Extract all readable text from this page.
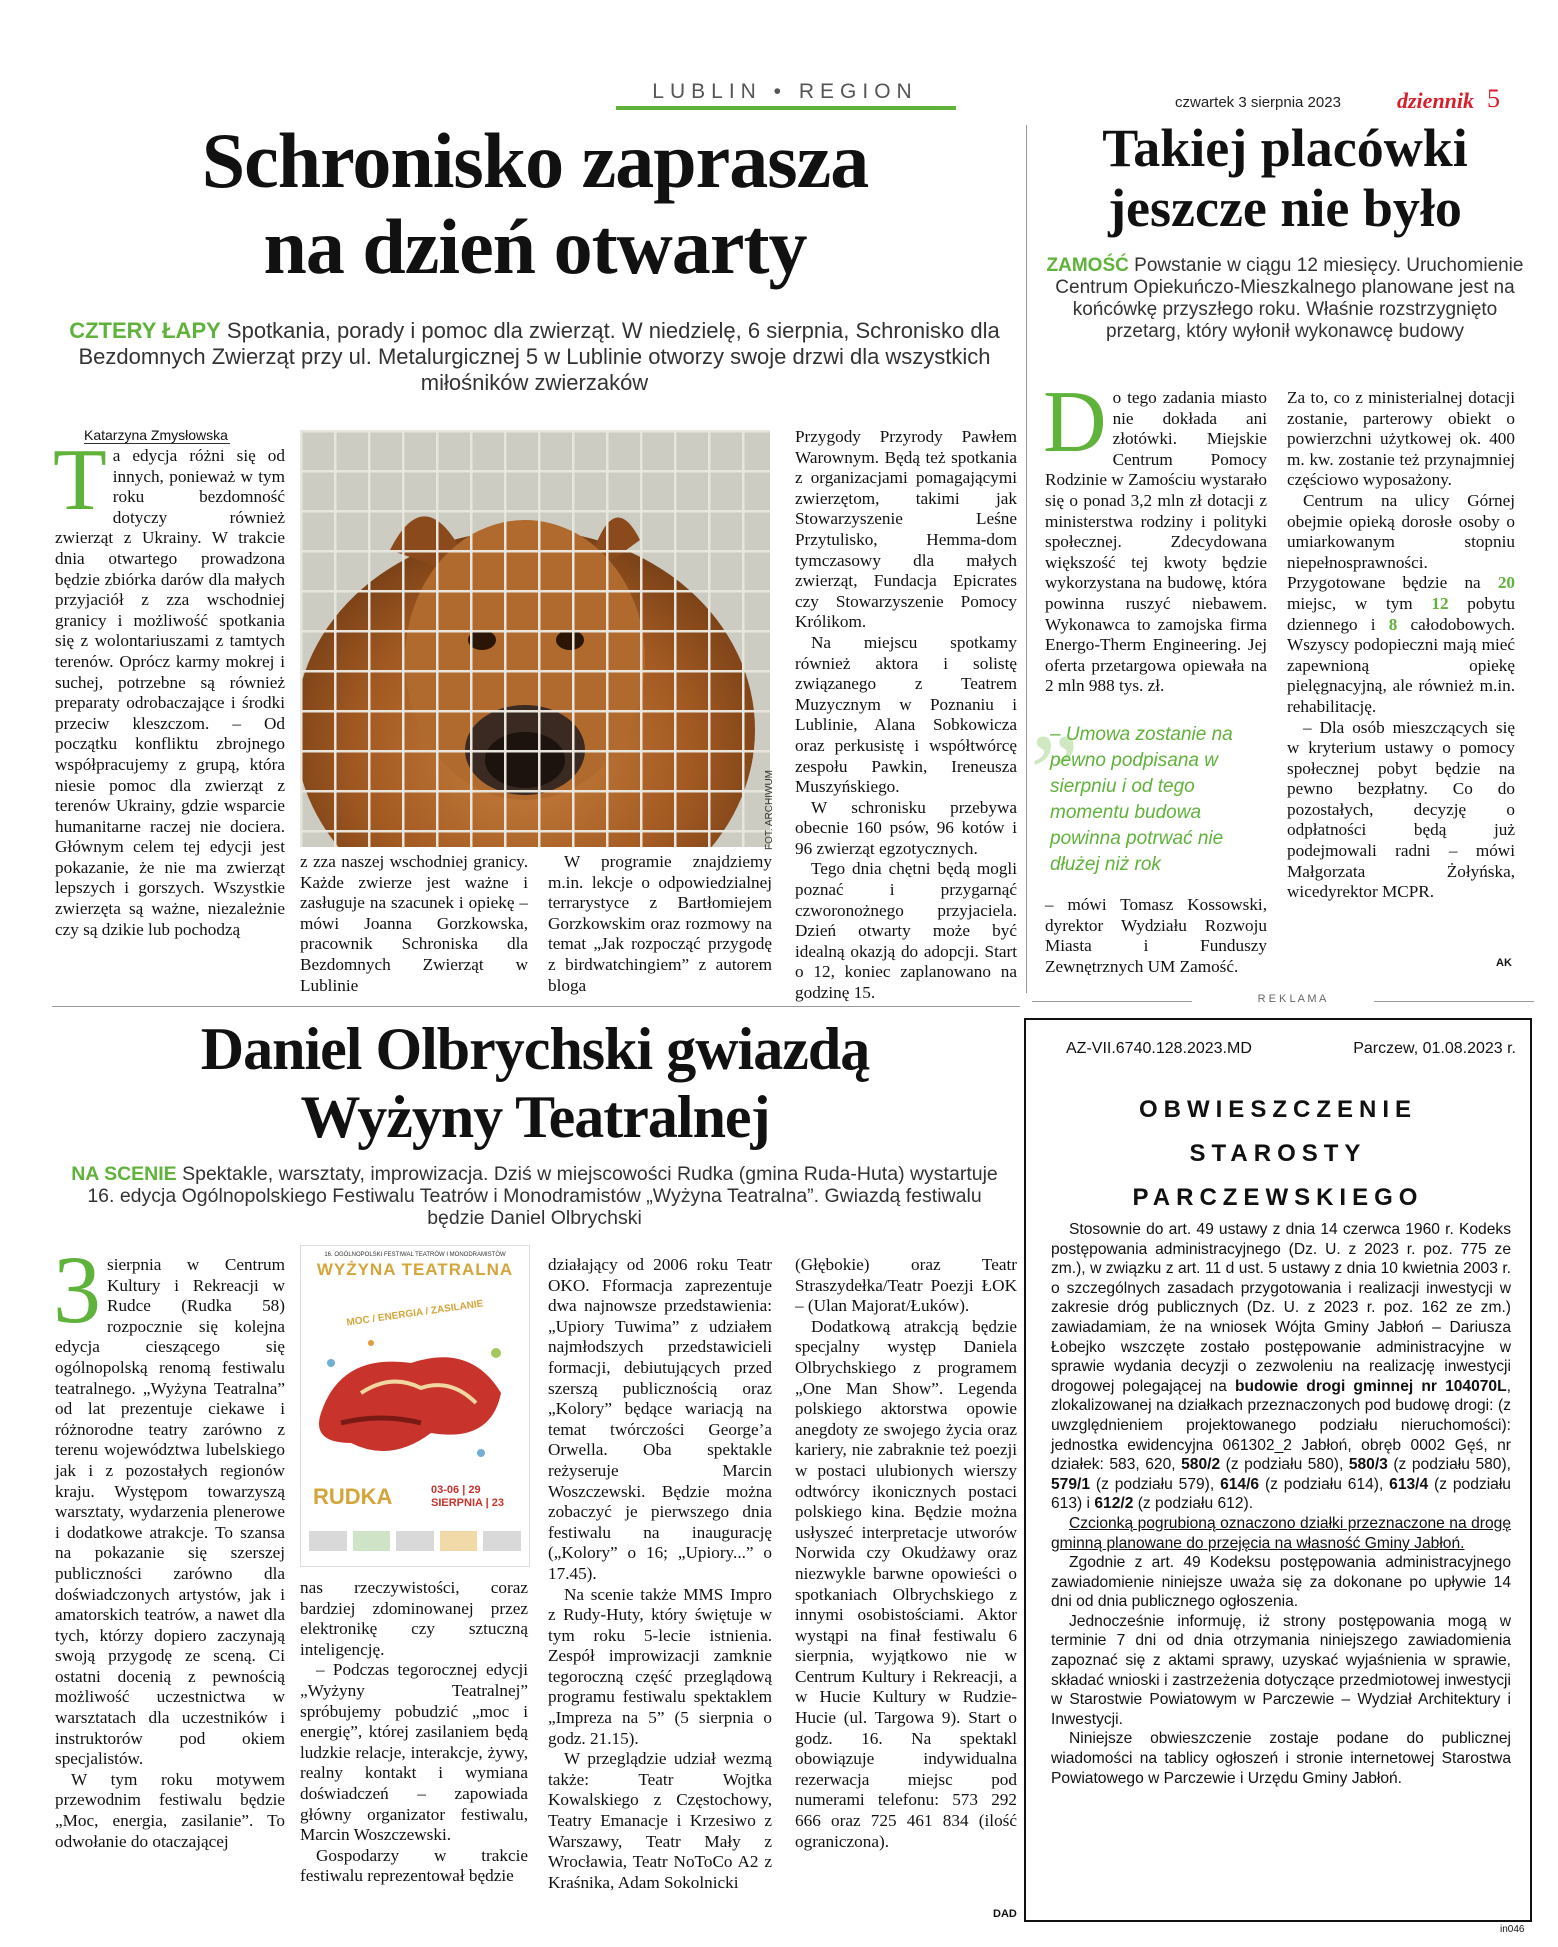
LUBLIN • REGION	czwartek 3 sierpnia 2023	dziennik 5
Schronisko zaprasza
na dzień otwarty
CZTERY ŁAPY Spotkania, porady i pomoc dla zwierząt. W niedzielę, 6 sierpnia, Schronisko dla Bezdomnych Zwierząt przy ul. Metalurgicznej 5 w Lublinie otworzy swoje drzwi dla wszystkich miłośników zwierzaków
Katarzyna Zmysłowska

Ta edycja różni się od innych, ponieważ w tym roku bezdomność dotyczy również zwierząt z Ukrainy. W trakcie dnia otwartego prowadzona będzie zbiórka darów dla małych przyjaciół z zza wschodniej granicy i możliwość spotkania się z wolontariuszami z tamtych terenów. Oprócz karmy mokrej i suchej, potrzebne są również preparaty odrobaczające i środki przeciw kleszczom. – Od początku konfliktu zbrojnego współpracujemy z grupą, która niesie pomoc dla zwierząt z terenów Ukrainy, gdzie wsparcie humanitarne raczej nie dociera. Głównym celem tej edycji jest pokazanie, że nie ma zwierząt lepszych i gorszych. Wszystkie zwierzęta są ważne, niezależnie czy są dzikie lub pochodzą

FOT. ARCHIWUM

z zza naszej wschodniej granicy. Każde zwierze jest ważne i zasługuje na szacunek i opiekę – mówi Joanna Gorzkowska, pracownik Schroniska dla Bezdomnych Zwierząt w Lublinie

W programie znajdziemy m.in. lekcje o odpowiedzialnej terrarystyce z Bartłomiejem Gorzkowskim oraz rozmowy na temat „Jak rozpocząć przygodę z birdwatchingiem” z autorem bloga

Przygody Przyrody Pawłem Warownym. Będą też spotkania z organizacjami pomagającymi zwierzętom, takimi jak Stowarzyszenie Leśne Przytulisko, Hemma-dom tymczasowy dla małych zwierząt, Fundacja Epicrates czy Stowarzyszenie Pomocy Królikom.

Na miejscu spotkamy również aktora i solistę związanego z Teatrem Muzycznym w Poznaniu i Lublinie, Alana Sobkowicza oraz perkusistę i współtwórcę zespołu Pawkin, Ireneusza Muszyńskiego.

W schronisku przebywa obecnie 160 psów, 96 kotów i 96 zwierząt egzotycznych.

Tego dnia chętni będą mogli poznać i przygarnąć czworonożnego przyjaciela. Dzień otwarty może być idealną okazją do adopcji. Start o 12, koniec zaplanowano na godzinę 15.

Takiej placówki
jeszcze nie było
ZAMOŚĆ Powstanie w ciągu 12 miesięcy. Uruchomienie Centrum Opiekuńczo-Mieszkalnego planowane jest na końcówkę przyszłego roku. Właśnie rozstrzygnięto przetarg, który wyłonił wykonawcę budowy

Do tego zadania miasto nie dokłada ani złotówki. Miejskie Centrum Pomocy Rodzinie w Zamościu wystarało się o ponad 3,2 mln zł dotacji z ministerstwa rodziny i polityki społecznej. Zdecydowana większość tej kwoty będzie wykorzystana na budowę, która powinna ruszyć niebawem. Wykonawca to zamojska firma Energo-Therm Engineering. Jej oferta przetargowa opiewała na 2 mln 988 tys. zł.

”
– Umowa zostanie na pewno podpisana w sierpniu i od tego momentu budowa powinna potrwać nie dłużej niż rok

– mówi Tomasz Kossowski, dyrektor Wydziału Rozwoju Miasta i Funduszy Zewnętrznych UM Zamość.

Za to, co z ministerialnej dotacji zostanie, parterowy obiekt o powierzchni użytkowej ok. 400 m. kw. zostanie też przynajmniej częściowo wyposażony.

Centrum na ulicy Górnej obejmie opieką dorosłe osoby o umiarkowanym stopniu niepełnosprawności. Przygotowane będzie na 20 miejsc, w tym 12 pobytu dziennego i 8 całodobowych. Wszyscy podopieczni mają mieć zapewnioną opiekę pielęgnacyjną, ale również m.in. rehabilitację.

– Dla osób mieszczących się w kryterium ustawy o pomocy społecznej pobyt będzie na pewno bezpłatny. Co do pozostałych, decyzję o odpłatności będą już podejmowali radni – mówi Małgorzata Żołyńska, wicedyrektor MCPR.

AK
Daniel Olbrychski gwiazdą
Wyżyny Teatralnej
NA SCENIE Spektakle, warsztaty, improwizacja. Dziś w miejscowości Rudka (gmina Ruda-Huta) wystartuje 16. edycja Ogólnopolskiego Festiwalu Teatrów i Monodramistów „Wyżyna Teatralna”. Gwiazdą festiwalu będzie Daniel Olbrychski

3 sierpnia w Centrum Kultury i Rekreacji w Rudce (Rudka 58) rozpocznie się kolejna edycja cieszącego się ogólnopolską renomą festiwalu teatralnego. „Wyżyna Teatralna” od lat prezentuje ciekawe i różnorodne teatry zarówno z terenu województwa lubelskiego jak i z pozostałych regionów kraju. Występom towarzyszą warsztaty, wydarzenia plenerowe i dodatkowe atrakcje. To szansa na pokazanie się szerszej publiczności zarówno dla doświadczonych artystów, jak i amatorskich teatrów, a nawet dla tych, którzy dopiero zaczynają swoją przygodę ze sceną. Ci ostatni docenią z pewnością możliwość uczestnictwa w warsztatach dla uczestników i instruktorów pod okiem specjalistów.

W tym roku motywem przewodnim festiwalu będzie „Moc, energia, zasilanie”. To odwołanie do otaczającej

16. OGÓLNOPOLSKI FESTIWAL TEATRÓW I MONODRAMISTÓW
WYŻYNA TEATRALNA
MOC / ENERGIA / ZASILANIE
RUDKA	03-06 | 29 SIERPNIA | 23

nas rzeczywistości, coraz bardziej zdominowanej przez elektronikę czy sztuczną inteligencję.

– Podczas tegorocznej edycji „Wyżyny Teatralnej” spróbujemy pobudzić „moc i energię”, której zasilaniem będą ludzkie relacje, interakcje, żywy, realny kontakt i wymiana doświadczeń – zapowiada główny organizator festiwalu, Marcin Woszczewski.

Gospodarzy w trakcie festiwalu reprezentował będzie

działający od 2006 roku Teatr OKO. Fformacja zaprezentuje dwa najnowsze przedstawienia: „Upiory Tuwima” z udziałem najmłodszych przedstawicieli formacji, debiutujących przed szerszą publicznością oraz „Kolory” będące wariacją na temat twórczości George’a Orwella. Oba spektakle reżyseruje Marcin Woszczewski. Będzie można zobaczyć je pierwszego dnia festiwalu na inaugurację („Kolory” o 16; „Upiory...” o 17.45).

Na scenie także MMS Impro z Rudy-Huty, który świętuje w tym roku 5-lecie istnienia. Zespół improwizacji zamknie tegoroczną część przeglądową programu festiwalu spektaklem „Impreza na 5” (5 sierpnia o godz. 21.15).

W przeglądzie udział wezmą także: Teatr Wojtka Kowalskiego z Częstochowy, Teatry Emanacje i Krzesiwo z Warszawy, Teatr Mały z Wrocławia, Teatr NoToCo A2 z Kraśnika, Adam Sokolnicki

(Głębokie) oraz Teatr Straszydełka/Teatr Poezji ŁOK – (Ulan Majorat/Łuków).

Dodatkową atrakcją będzie specjalny występ Daniela Olbrychskiego z programem „One Man Show”. Legenda polskiego aktorstwa opowie anegdoty ze swojego życia oraz kariery, nie zabraknie też poezji w postaci ulubionych wierszy odtwórcy ikonicznych postaci polskiego kina. Będzie można usłyszeć interpretacje utworów Norwida czy Okudżawy oraz niezwykle barwne opowieści o spotkaniach Olbrychskiego z innymi osobistościami. Aktor wystąpi na finał festiwalu 6 sierpnia, wyjątkowo nie w Centrum Kultury i Rekreacji, a w Hucie Kultury w Rudzie-Hucie (ul. Targowa 9). Start o godz. 16. Na spektakl obowiązuje indywidualna rezerwacja miejsc pod numerami telefonu: 573 292 666 oraz 725 461 834 (ilość ograniczona).

DAD
R E K L A M A
AZ-VII.6740.128.2023.MD	Parczew, 01.08.2023 r.
OBWIESZCZENIE
STAROSTY
PARCZEWSKIEGO

Stosownie do art. 49 ustawy z dnia 14 czerwca 1960 r. Kodeks postępowania administracyjnego (Dz. U. z 2023 r. poz. 775 ze zm.), w związku z art. 11 d ust. 5 ustawy z dnia 10 kwietnia 2003 r. o szczególnych zasadach przygotowania i realizacji inwestycji w zakresie dróg publicznych (Dz. U. z 2023 r. poz. 162 ze zm.) zawiadamiam, że na wniosek Wójta Gminy Jabłoń – Dariusza Łobejko wszczęte zostało postępowanie administracyjne w sprawie wydania decyzji o zezwoleniu na realizację inwestycji drogowej polegającej na budowie drogi gminnej nr 104070L, zlokalizowanej na działkach przeznaczonych pod budowę drogi: (z uwzględnieniem projektowanego podziału nieruchomości): jednostka ewidencyjna 061302_2 Jabłoń, obręb 0002 Gęś, nr działek: 583, 620, 580/2 (z podziału 580), 580/3 (z podziału 580), 579/1 (z podziału 579), 614/6 (z podziału 614), 613/4 (z podziału 613) i 612/2 (z podziału 612).

Czcionką pogrubioną oznaczono działki przeznaczone na drogę gminną planowane do przejęcia na własność Gminy Jabłoń.

Zgodnie z art. 49 Kodeksu postępowania administracyjnego zawiadomienie niniejsze uważa się za dokonane po upływie 14 dni od dnia publicznego ogłoszenia.

Jednocześnie informuję, iż strony postępowania mogą w terminie 7 dni od dnia otrzymania niniejszego zawiadomienia zapoznać się z aktami sprawy, uzyskać wyjaśnienia w sprawie, składać wnioski i zastrzeżenia dotyczące przedmiotowej inwestycji w Starostwie Powiatowym w Parczewie – Wydział Architektury i Inwestycji.

Niniejsze obwieszczenie zostaje podane do publicznej wiadomości na tablicy ogłoszeń i stronie internetowej Starostwa Powiatowego w Parczewie i Urzędu Gminy Jabłoń.

in046
